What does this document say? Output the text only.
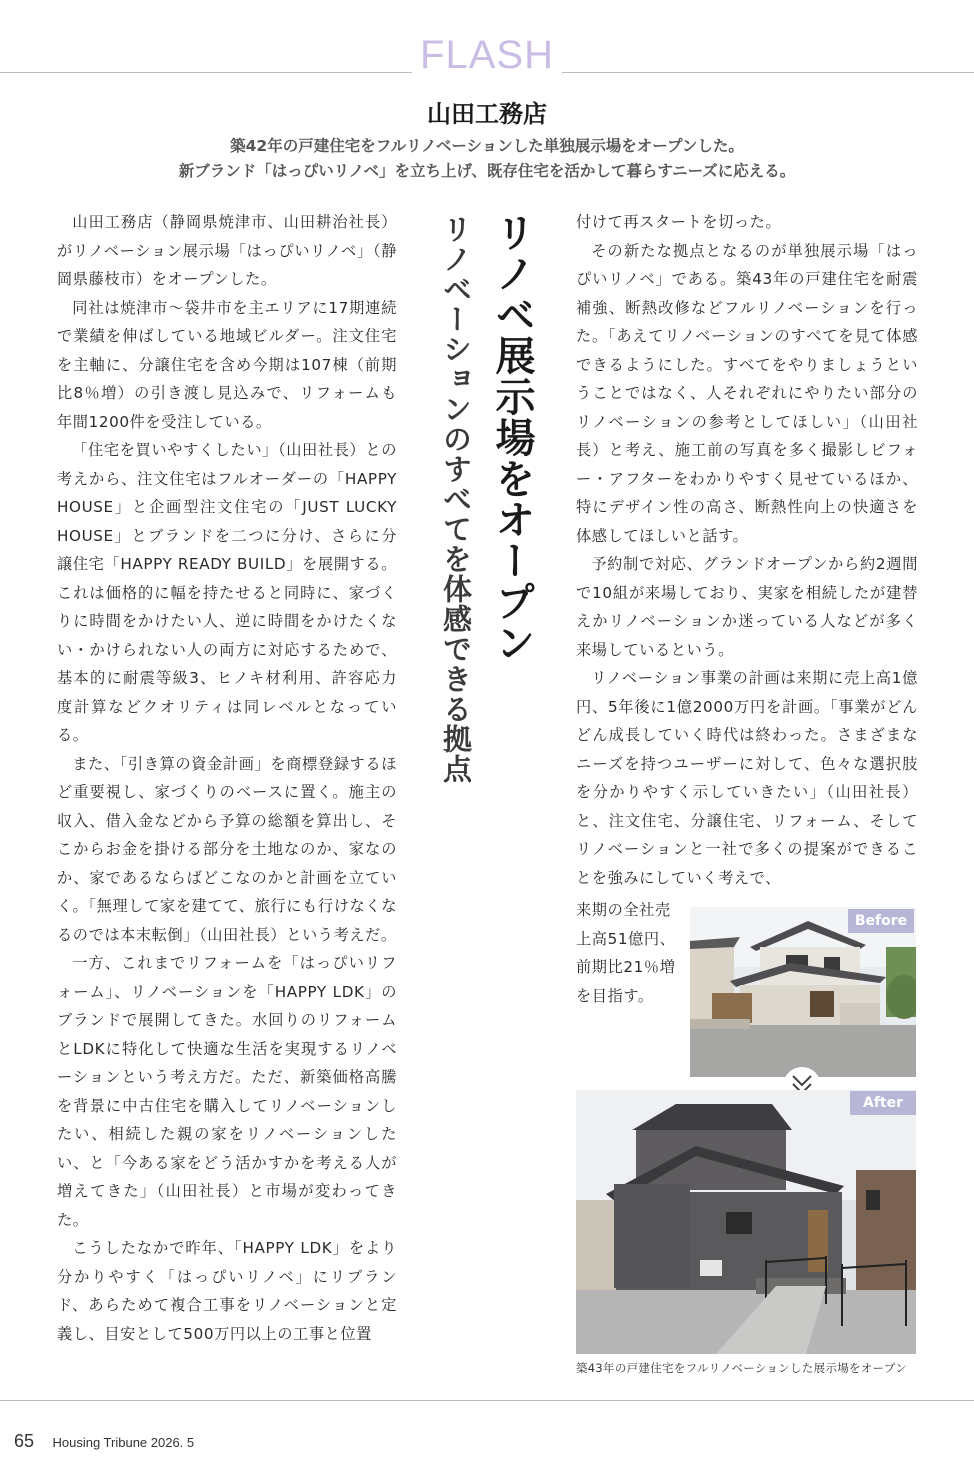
FLASH
山田工務店
築42年の戸建住宅をフルリノベーションした単独展示場をオープンした。
新ブランド「はっぴいリノベ」を立ち上げ、既存住宅を活かして暮らすニーズに応える。

山田工務店（静岡県焼津市、山田耕治社長）がリノベーション展示場「はっぴいリノベ」（静岡県藤枝市）をオープンした。

同社は焼津市〜袋井市を主エリアに17期連続で業績を伸ばしている地域ビルダー。注文住宅を主軸に、分譲住宅を含め今期は107棟（前期比8％増）の引き渡し見込みで、リフォームも年間1200件を受注している。

「住宅を買いやすくしたい」（山田社長）との考えから、注文住宅はフルオーダーの「HAPPY HOUSE」と企画型注文住宅の「JUST LUCKY HOUSE」とブランドを二つに分け、さらに分譲住宅「HAPPY READY BUILD」を展開する。これは価格的に幅を持たせると同時に、家づくりに時間をかけたい人、逆に時間をかけたくない・かけられない人の両方に対応するためで、基本的に耐震等級3、ヒノキ材利用、許容応力度計算などクオリティは同レベルとなっている。

また、「引き算の資金計画」を商標登録するほど重要視し、家づくりのベースに置く。施主の収入、借入金などから予算の総額を算出し、そこからお金を掛ける部分を土地なのか、家なのか、家であるならばどこなのかと計画を立ていく。「無理して家を建てて、旅行にも行けなくなるのでは本末転倒」（山田社長）という考えだ。

一方、これまでリフォームを「はっぴいリフォーム」、リノベーションを「HAPPY LDK」のブランドで展開してきた。水回りのリフォームとLDKに特化して快適な生活を実現するリノベーションという考え方だ。ただ、新築価格高騰を背景に中古住宅を購入してリノベーションしたい、相続した親の家をリノベーションしたい、と「今ある家をどう活かすかを考える人が増えてきた」（山田社長）と市場が変わってきた。

こうしたなかで昨年、「HAPPY LDK」をより分かりやすく「はっぴいリノベ」にリブランド、あらためて複合工事をリノベーションと定義し、目安として500万円以上の工事と位置

リノベ展示場をオープン
リノベーションのすべてを体感できる拠点	付けて再スタートを切った。

その新たな拠点となるのが単独展示場「はっぴいリノベ」である。築43年の戸建住宅を耐震補強、断熱改修などフルリノベーションを行った。「あえてリノベーションのすべてを見て体感できるようにした。すべてをやりましょうということではなく、人それぞれにやりたい部分のリノベーションの参考としてほしい」（山田社長）と考え、施工前の写真を多く撮影しビフォー・アフターをわかりやすく見せているほか、特にデザイン性の高さ、断熱性向上の快適さを体感してほしいと話す。

予約制で対応、グランドオープンから約2週間で10組が来場しており、実家を相続したが建替えかリノベーションか迷っている人などが多く来場しているという。

リノベーション事業の計画は来期に売上高1億円、5年後に1億2000万円を計画。「事業がどんどん成長していく時代は終わった。さまざまなニーズを持つユーザーに対して、色々な選択肢を分かりやすく示していきたい」（山田社長）と、注文住宅、分譲住宅、リフォーム、そしてリノベーションと一社で多くの提案ができることを強みにしていく考えで、

来期の全社売上高51億円、前期比21％増を目指す。
Before
After
築43年の戸建住宅をフルリノベーションした展示場をオープン
65 Housing Tribune 2026. 5
